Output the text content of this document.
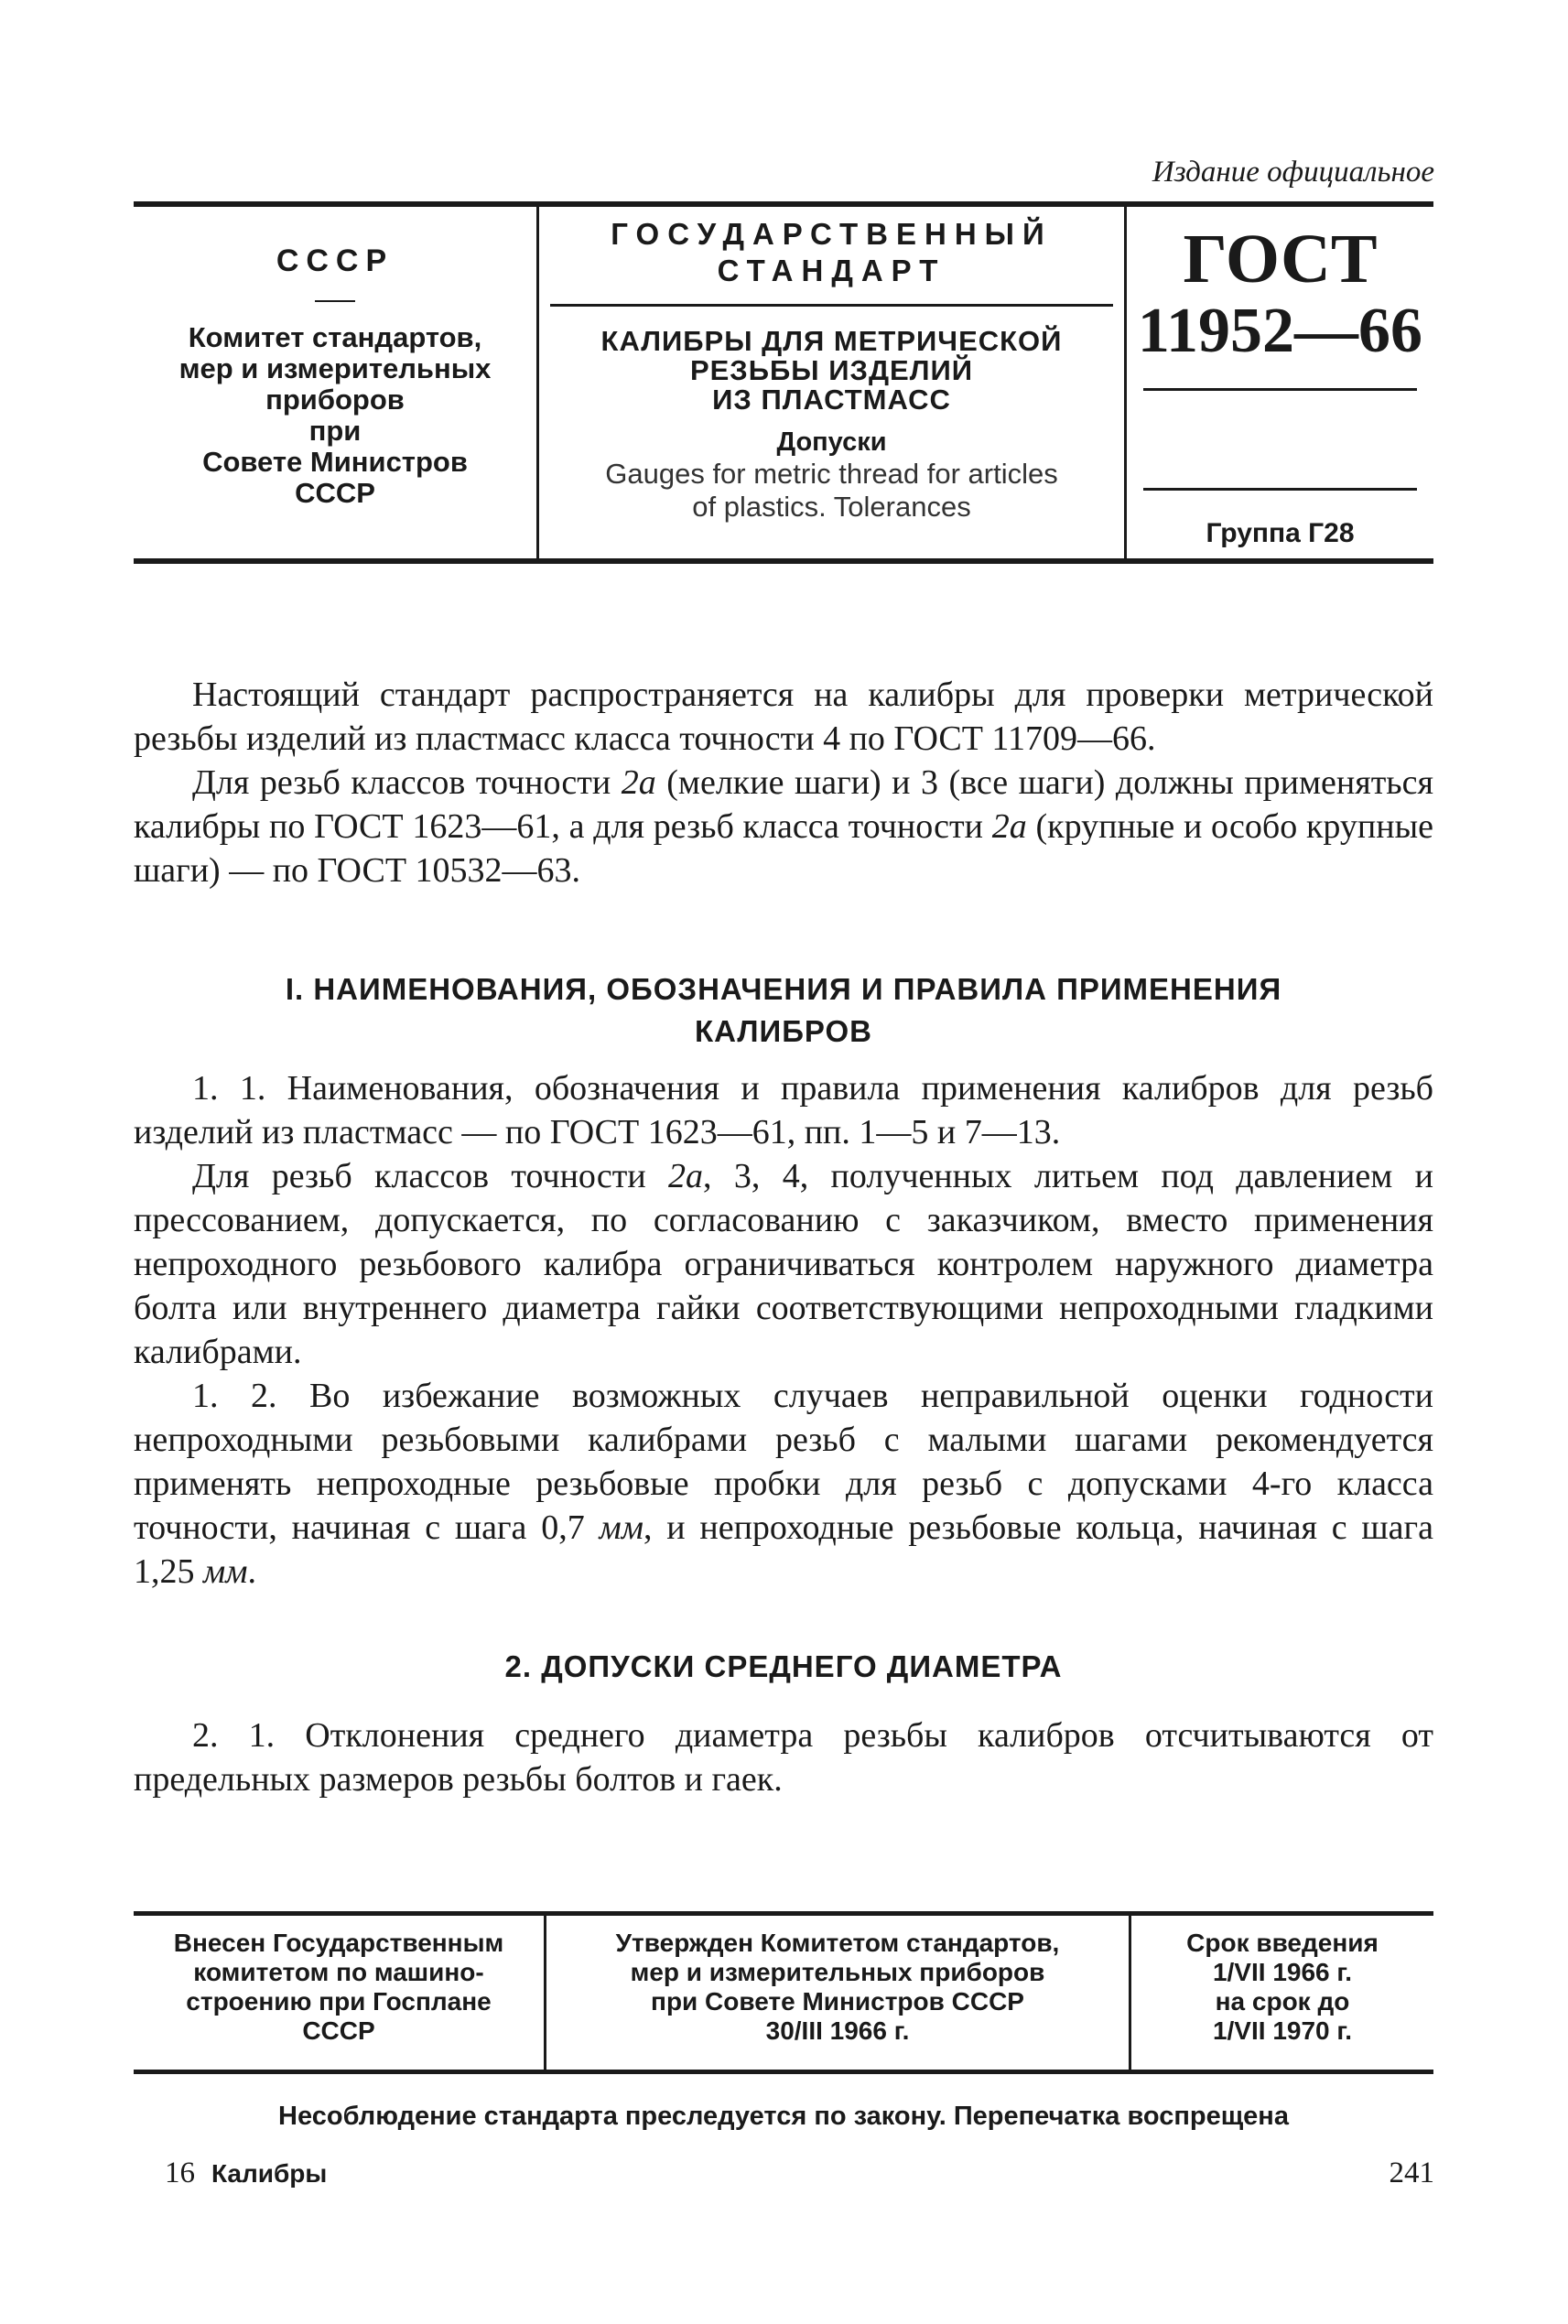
Издание официальное
СССР
Комитет стандартов,
мер и измерительных
приборов
при
Совете Министров
СССР
ГОСУДАРСТВЕННЫЙ
СТАНДАРТ
КАЛИБРЫ ДЛЯ МЕТРИЧЕСКОЙ
РЕЗЬБЫ ИЗДЕЛИЙ
ИЗ ПЛАСТМАСС
Допуски
Gauges for metric thread for articles
of plastics. Tolerances
ГОСТ
11952—66
Группа Г28

Настоящий стандарт распространяется на калибры для проверки метрической резьбы изделий из пластмасс класса точности 4 по ГОСТ 11709—66.

Для резьб классов точности 2а (мелкие шаги) и 3 (все шаги) должны применяться калибры по ГОСТ 1623—61, а для резьб класса точности 2а (крупные и особо крупные шаги) — по ГОСТ 10532—63.

I. НАИМЕНОВАНИЯ, ОБОЗНАЧЕНИЯ И ПРАВИЛА ПРИМЕНЕНИЯ
КАЛИБРОВ

1. 1. Наименования, обозначения и правила применения калибров для резьб изделий из пластмасс — по ГОСТ 1623—61, пп. 1—5 и 7—13.

Для резьб классов точности 2а, 3, 4, полученных литьем под давлением и прессованием, допускается, по согласованию с заказчиком, вместо применения непроходного резьбового калибра ограничиваться контролем наружного диаметра болта или внутреннего диаметра гайки соответствующими непроходными гладкими калибрами.

1. 2. Во избежание возможных случаев неправильной оценки годности непроходными резьбовыми калибрами резьб с малыми шагами рекомендуется применять непроходные резьбовые пробки для резьб с допусками 4-го класса точности, начиная с шага 0,7 мм, и непроходные резьбовые кольца, начиная с шага 1,25 мм.

2. ДОПУСКИ СРЕДНЕГО ДИАМЕТРА

2. 1. Отклонения среднего диаметра резьбы калибров отсчитываются от предельных размеров резьбы болтов и гаек.

Внесен Государственным
комитетом по машино-
строению при Госплане
СССР
Утвержден Комитетом стандартов,
мер и измерительных приборов
при Совете Министров СССР
30/III 1966 г.
Срок введения
1/VII 1966 г.
на срок до
1/VII 1970 г.
Несоблюдение стандарта преследуется по закону. Перепечатка воспрещена
16 Калибры	241
